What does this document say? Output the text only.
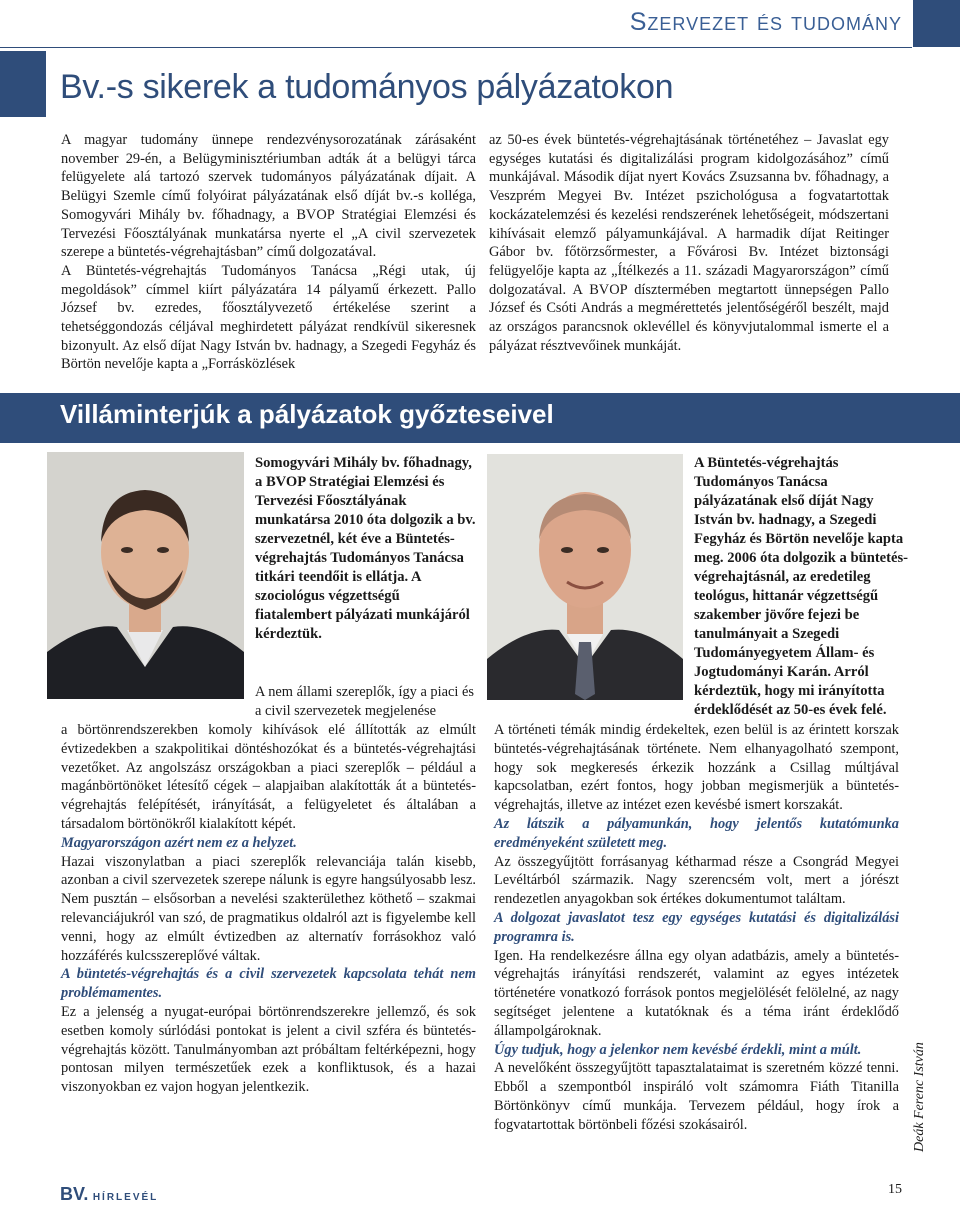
Szervezet és tudomány
Bv.-s sikerek a tudományos pályázatokon

A magyar tudomány ünnepe rendezvénysorozatának zárásaként november 29-én, a Belügyminisztériumban adták át a belügyi tárca felügyelete alá tartozó szervek tudományos pályázatának díjait. A Belügyi Szemle című folyóirat pályázatának első díját bv.-s kolléga, Somogyvári Mihály bv. főhadnagy, a BVOP Stratégiai Elemzési és Tervezési Főosztályának munkatársa nyerte el „A civil szervezetek szerepe a büntetés-végrehajtásban” című dolgozatával.

A Büntetés-végrehajtás Tudományos Tanácsa „Régi utak, új megoldások” címmel kiírt pályázatára 14 pályamű érkezett. Pallo József bv. ezredes, főosztályvezető értékelése szerint a tehetséggondozás céljával meghirdetett pályázat rendkívül sikeresnek bizonyult. Az első díjat Nagy István bv. hadnagy, a Szegedi Fegyház és Börtön nevelője kapta a „Forrásközlések

az 50-es évek büntetés-végrehajtásának történetéhez – Javaslat egy egységes kutatási és digitalizálási program kidolgozásához” című munkájával. Második díjat nyert Kovács Zsuzsanna bv. főhadnagy, a Veszprém Megyei Bv. Intézet pszichológusa a fogvatartottak kockázatelemzési és kezelési rendszerének lehetőségeit, módszertani kihívásait elemző pályamunkájával. A harmadik díjat Reitinger Gábor bv. főtörzsőrmester, a Fővárosi Bv. Intézet biztonsági felügyelője kapta az „Ítélkezés a 11. századi Magyarországon” című dolgozatával. A BVOP dísztermében megtartott ünnepségen Pallo József és Csóti András a megmérettetés jelentőségéről beszélt, majd az országos parancsnok oklevéllel és könyvjutalommal ismerte el a pályázat résztvevőinek munkáját.

Villáminterjúk a pályázatok győzteseivel
Somogyvári Mihály bv. főhadnagy, a BVOP Stratégiai Elemzési és Tervezési Főosztályának munkatársa 2010 óta dolgozik a bv. szervezetnél, két éve a Büntetés-végrehajtás Tudományos Tanácsa titkári teendőit is ellátja. A szociológus végzettségű fiatalembert pályázati munkájáról kérdeztük.
A Büntetés-végrehajtás Tudományos Tanácsa pályázatának első díját Nagy István bv. hadnagy, a Szegedi Fegyház és Börtön nevelője kapta meg. 2006 óta dolgozik a büntetés-végrehajtásnál, az eredetileg teológus, hittanár végzettségű szakember jövőre fejezi be tanulmányait a Szegedi Tudományegyetem Állam- és Jogtudományi Karán. Arról kérdeztük, hogy mi irányította érdeklődését az 50-es évek felé.
A nem állami szereplők, így a piaci és a civil szervezetek megjelenése
a börtönrendszerekben komoly kihívások elé állították az elmúlt évtizedekben a szakpolitikai döntéshozókat és a büntetés-végrehajtási vezetőket. Az angolszász országokban a piaci szereplők – például a magánbörtönöket létesítő cégek – alapjaiban alakították át a büntetés-végrehajtás felépítését, irányítását, a felügyeletet és általában a társadalom börtönökről kialakított képét.
Magyarországon azért nem ez a helyzet.
Hazai viszonylatban a piaci szereplők relevanciája talán kisebb, azonban a civil szervezetek szerepe nálunk is egyre hangsúlyosabb lesz. Nem pusztán – elsősorban a nevelési szakterülethez köthető – szakmai relevanciájukról van szó, de pragmatikus oldalról azt is figyelembe kell venni, hogy az elmúlt évtizedben az alternatív forrásokhoz való hozzáférés kulcsszereplővé váltak.
A büntetés-végrehajtás és a civil szervezetek kapcsolata tehát nem problémamentes.
Ez a jelenség a nyugat-európai börtönrendszerekre jellemző, és sok esetben komoly súrlódási pontokat is jelent a civil szféra és büntetés-végrehajtás között. Tanulmányomban azt próbáltam feltérképezni, hogy pontosan milyen természetűek ezek a konfliktusok, és a hazai viszonyokban ez vajon hogyan jelentkezik.
A történeti témák mindig érdekeltek, ezen belül is az érintett korszak büntetés-végrehajtásának története. Nem elhanyagolható szempont, hogy sok megkeresés érkezik hozzánk a Csillag múltjával kapcsolatban, ezért fontos, hogy jobban megismerjük a büntetés-végrehajtás, illetve az intézet ezen kevésbé ismert korszakát.
Az látszik a pályamunkán, hogy jelentős kutatómunka eredményeként született meg.
Az összegyűjtött forrásanyag kétharmad része a Csongrád Megyei Levéltárból származik. Nagy szerencsém volt, mert a jórészt rendezetlen anyagokban sok értékes dokumentumot találtam.
A dolgozat javaslatot tesz egy egységes kutatási és digitalizálási programra is.
Igen. Ha rendelkezésre állna egy olyan adatbázis, amely a büntetés-végrehajtás irányítási rendszerét, valamint az egyes intézetek történetére vonatkozó források pontos megjelölését felölelné, az nagy segítséget jelentene a kutatóknak és a téma iránt érdeklődő állampolgároknak.
Úgy tudjuk, hogy a jelenkor nem kevésbé érdekli, mint a múlt.
A nevelőként összegyűjtött tapasztalataimat is szeretném közzé tenni. Ebből a szempontból inspiráló volt számomra Fiáth Titanilla Börtönkönyv című munkája. Tervezem például, hogy írok a fogvatartottak börtönbeli főzési szokásairól.	Deák Ferenc István
BV. HÍRLEVÉL
15
